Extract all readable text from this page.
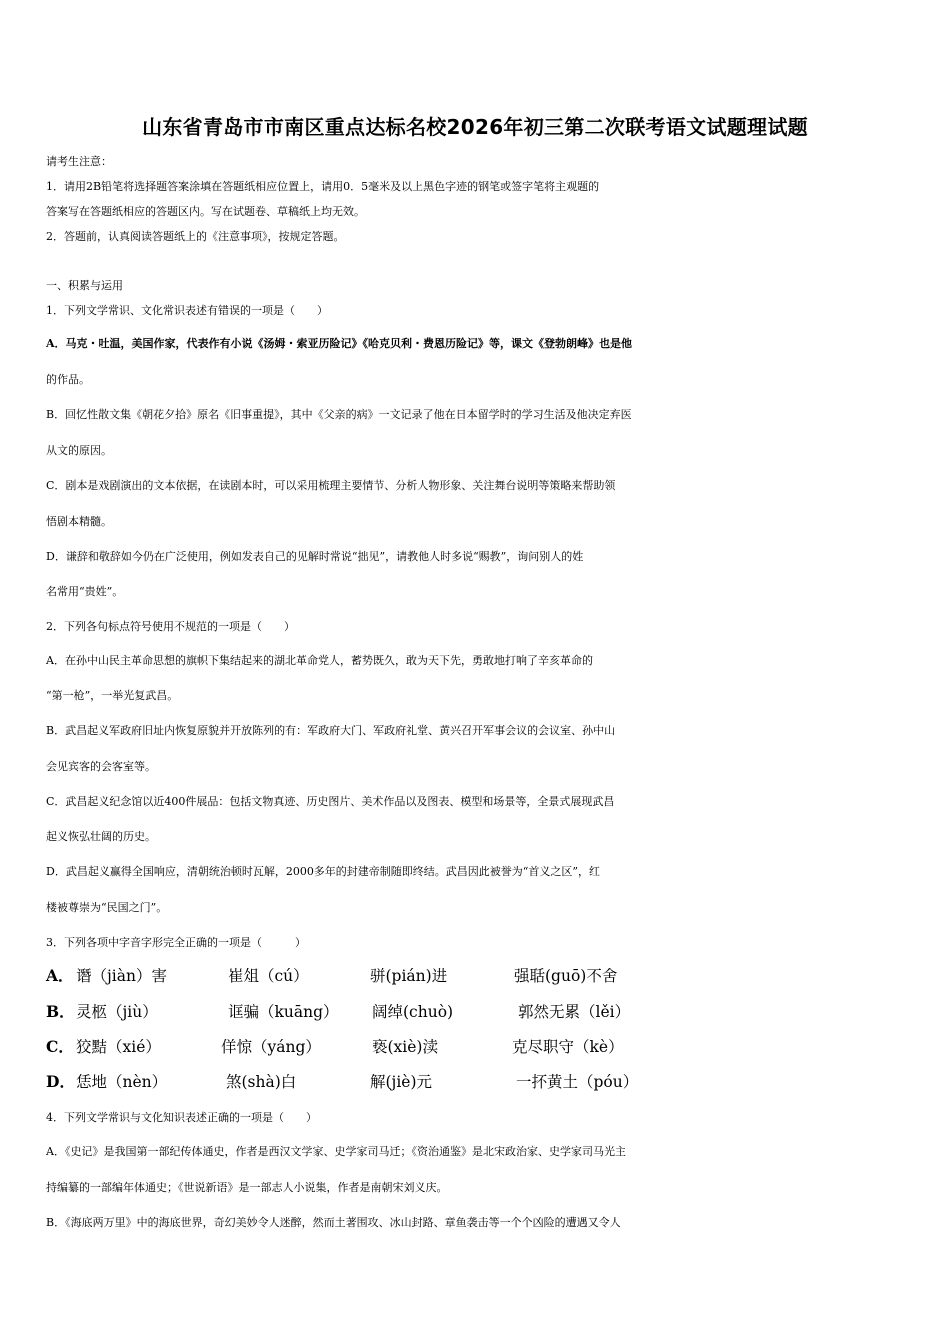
山东省青岛市市南区重点达标名校2026年初三第二次联考语文试题理试题
请考生注意：
1．请用2B铅笔将选择题答案涂填在答题纸相应位置上，请用0．5毫米及以上黑色字迹的钢笔或签字笔将主观题的
答案写在答题纸相应的答题区内。写在试题卷、草稿纸上均无效。
2．答题前，认真阅读答题纸上的《注意事项》，按规定答题。
一、积累与运用
1．下列文学常识、文化常识表述有错误的一项是（　　）
A．马克・吐温，美国作家，代表作有小说《汤姆・索亚历险记》《哈克贝利・费恩历险记》等，课文《登勃朗峰》也是他
的作品。
B．回忆性散文集《朝花夕拾》原名《旧事重提》，其中《父亲的病》一文记录了他在日本留学时的学习生活及他决定弃医
从文的原因。
C．剧本是戏剧演出的文本依据，在读剧本时，可以采用梳理主要情节、分析人物形象、关注舞台说明等策略来帮助领
悟剧本精髓。
D．谦辞和敬辞如今仍在广泛使用，例如发表自己的见解时常说“拙见”，请教他人时多说“赐教”，询问别人的姓
名常用“贵姓”。
2．下列各句标点符号使用不规范的一项是（　　）
A．在孙中山民主革命思想的旗帜下集结起来的湖北革命党人，蓄势既久，敢为天下先，勇敢地打响了辛亥革命的
“第一枪”，一举光复武昌。
B．武昌起义军政府旧址内恢复原貌并开放陈列的有：军政府大门、军政府礼堂、黄兴召开军事会议的会议室、孙中山
会见宾客的会客室等。
C．武昌起义纪念馆以近400件展品：包括文物真迹、历史图片、美术作品以及图表、模型和场景等，全景式展现武昌
起义恢弘壮阔的历史。
D．武昌起义赢得全国响应，清朝统治顿时瓦解，2000多年的封建帝制随即终结。武昌因此被誉为“首义之区”，红
楼被尊崇为“民国之门”。
3．下列各项中字音字形完全正确的一项是（　　　）
A． 谮（jiàn）害	崔俎（cú）	骈(pián)进	强聒(guō)不舍
B． 灵柩（jiù）	诓骗（kuāng） 阔绰(chuò)	郭然无累（lěi）
C． 狡黠（xié）	佯惊（yáng）	亵(xiè)渎	克尽职守（kè）
D． 恁地（nèn）	煞(shà)白	解(jiè)元	一抔黄土（póu）
4．下列文学常识与文化知识表述正确的一项是（　　）
A．《史记》是我国第一部纪传体通史，作者是西汉文学家、史学家司马迁；《资治通鉴》是北宋政治家、史学家司马光主
持编纂的一部编年体通史；《世说新语》是一部志人小说集，作者是南朝宋刘义庆。
B．《海底两万里》中的海底世界，奇幻美妙令人迷醉，然而土著围攻、冰山封路、章鱼袭击等一个个凶险的遭遇又令人
